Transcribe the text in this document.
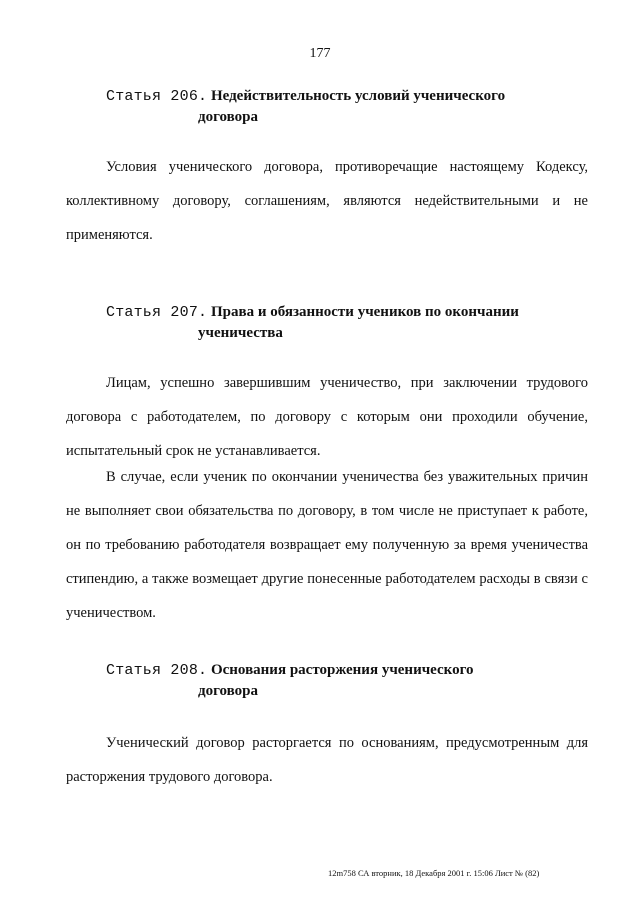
177
Статья 206. Недействительность условий ученического
договора

Условия ученического договора, противоречащие настоящему Кодексу, коллективному договору, соглашениям, являются недействительными и не применяются.

Статья 207. Права и обязанности учеников по окончании
ученичества

Лицам, успешно завершившим ученичество, при заключении трудового договора с работодателем, по договору с которым они проходили обучение, испытательный срок не устанавливается.

В случае, если ученик по окончании ученичества без уважительных причин не выполняет свои обязательства по договору, в том числе не приступает к работе, он по требованию работодателя возвращает ему полученную за время ученичества стипендию, а также возмещает другие понесенные работодателем расходы в связи с ученичеством.

Статья 208. Основания расторжения ученического
договора

Ученический договор расторгается по основаниям, предусмотренным для расторжения трудового договора.

12m758 СА вторник, 18 Декабря 2001 г. 15:06 Лист № (82)
